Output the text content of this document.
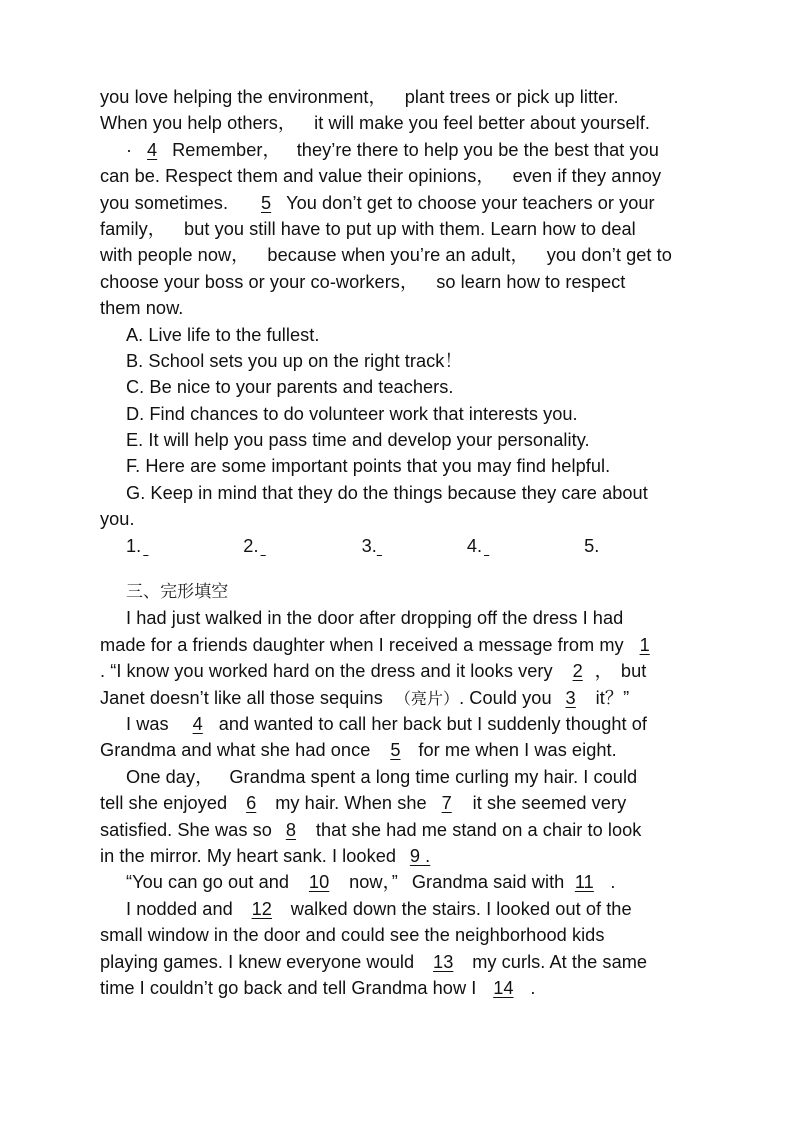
you love helping the environment， plant trees or pick up litter.
When you help others， it will make you feel better about yourself.
· 4 Remember， they’re there to help you be the best that you
can be. Respect them and value their opinions， even if they annoy
you sometimes. 5 You don’t get to choose your teachers or your
family， but you still have to put up with them. Learn how to deal
with people now， because when you’re an adult， you don’t get to
choose your boss or your co-workers， so learn how to respect
them now.
A. Live life to the fullest.
B. School sets you up on the right track！
C. Be nice to your parents and teachers.
D. Find chances to do volunteer work that interests you.
E. It will help you pass time and develop your personality.
F. Here are some important points that you may find helpful.
G. Keep in mind that they do the things because they care about
you.
1.	2.	3.	4.	5.
三、完形填空
I had just walked in the door after dropping off the dress I had
made for a friends daughter when I received a message from my 1
. “I know you worked hard on the dress and it looks very 2 ， but
Janet doesn’t like all those sequins （亮片）. Could you 3 it？”
I was 4 and wanted to call her back but I suddenly thought of
Grandma and what she had once 5 for me when I was eight.
One day， Grandma spent a long time curling my hair. I could
tell she enjoyed 6 my hair. When she 7 it she seemed very
satisfied. She was so 8 that she had me stand on a chair to look
in the mirror. My heart sank. I looked 9 .
“You can go out and 10 now，” Grandma said with 11 .
I nodded and 12 walked down the stairs. I looked out of the
small window in the door and could see the neighborhood kids
playing games. I knew everyone would 13 my curls. At the same
time I couldn’t go back and tell Grandma how I 14 .
